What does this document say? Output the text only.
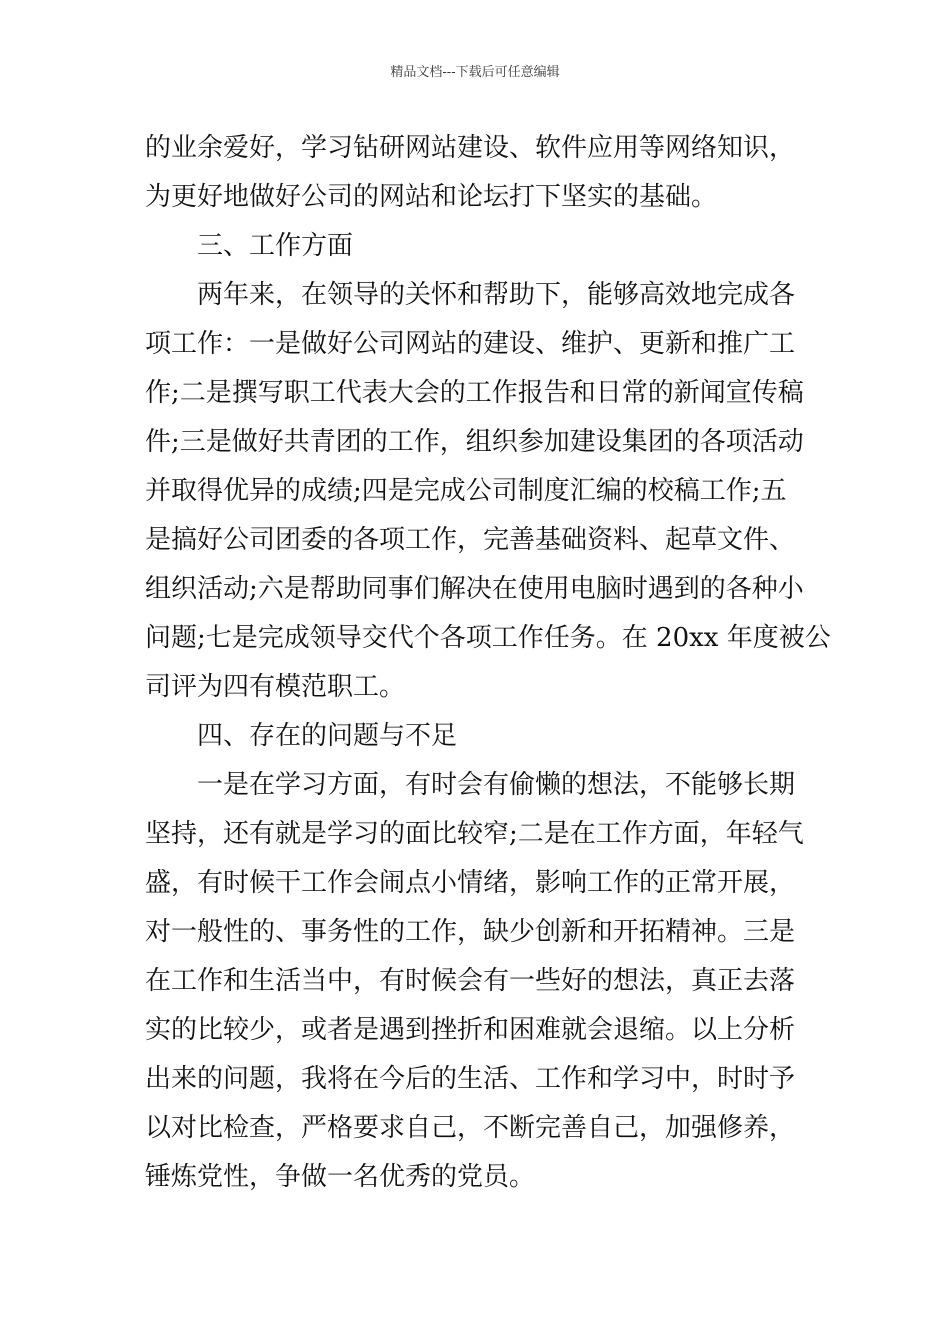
精品文档---下载后可任意编辑
的业余爱好，学习钻研网站建设、软件应用等网络知识，
为更好地做好公司的网站和论坛打下坚实的基础。
三、工作方面
两年来，在领导的关怀和帮助下，能够高效地完成各
项工作：一是做好公司网站的建设、维护、更新和推广工
作;二是撰写职工代表大会的工作报告和日常的新闻宣传稿
件;三是做好共青团的工作，组织参加建设集团的各项活动
并取得优异的成绩;四是完成公司制度汇编的校稿工作;五
是搞好公司团委的各项工作，完善基础资料、起草文件、
组织活动;六是帮助同事们解决在使用电脑时遇到的各种小
问题;七是完成领导交代个各项工作任务。在 20xx 年度被公
司评为四有模范职工。
四、存在的问题与不足
一是在学习方面，有时会有偷懒的想法，不能够长期
坚持，还有就是学习的面比较窄;二是在工作方面，年轻气
盛，有时候干工作会闹点小情绪，影响工作的正常开展，
对一般性的、事务性的工作，缺少创新和开拓精神。三是
在工作和生活当中，有时候会有一些好的想法，真正去落
实的比较少，或者是遇到挫折和困难就会退缩。以上分析
出来的问题，我将在今后的生活、工作和学习中，时时予
以对比检查，严格要求自己，不断完善自己，加强修养，
锤炼党性，争做一名优秀的党员。
